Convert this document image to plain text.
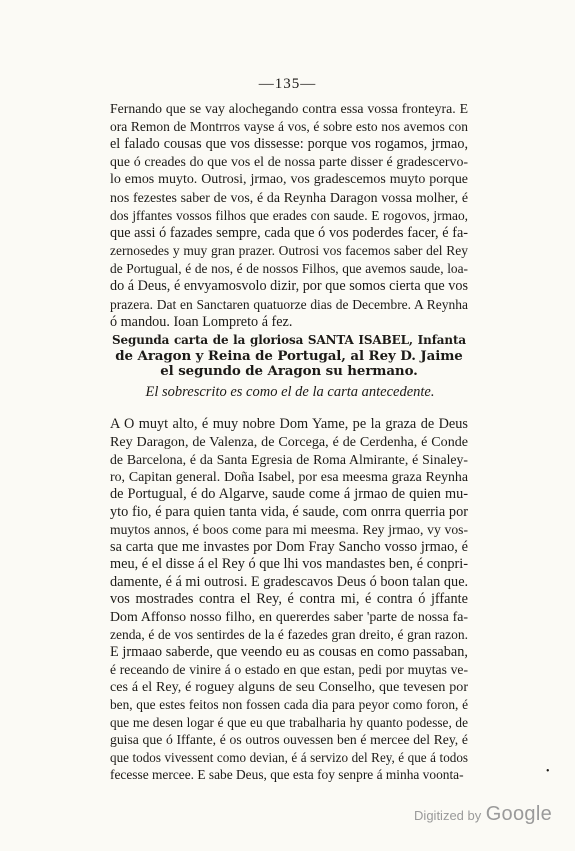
—135—
Fernando que se vay alochegando contra essa vossa fronteyra. E
ora Remon de Montrros vayse á vos, é sobre esto nos avemos con
el falado cousas que vos dissesse: porque vos rogamos, jrmao,
que ó creades do que vos el de nossa parte disser é gradescervo-
lo emos muyto. Outrosi, jrmao, vos gradescemos muyto porque
nos fezestes saber de vos, é da Reynha Daragon vossa molher, é
dos jffantes vossos filhos que erades con saude. E rogovos, jrmao,
que assi ó fazades sempre, cada que ó vos poderdes facer, é fa-
zernosedes y muy gran prazer. Outrosi vos facemos saber del Rey
de Portugual, é de nos, é de nossos Filhos, que avemos saude, loa-
do á Deus, é envyamosvolo dizir, por que somos cierta que vos
prazera. Dat en Sanctaren quatuorze dias de Decembre. A Reynha
ó mandou. Ioan Lompreto á fez.
Segunda carta de la gloriosa SANTA ISABEL, Infanta
de Aragon y Reina de Portugal, al Rey D. Jaime
el segundo de Aragon su hermano.
El sobrescrito es como el de la carta antecedente.
A O muyt alto, é muy nobre Dom Yame, pe la graza de Deus
Rey Daragon, de Valenza, de Corcega, é de Cerdenha, é Conde
de Barcelona, é da Santa Egresia de Roma Almirante, é Sinaley-
ro, Capitan general. Doña Isabel, por esa meesma graza Reynha
de Portugual, é do Algarve, saude come á jrmao de quien mu-
yto fio, é para quien tanta vida, é saude, com onrra querria por
muytos annos, é boos come para mi meesma. Rey jrmao, vy vos-
sa carta que me invastes por Dom Fray Sancho vosso jrmao, é
meu, é el disse á el Rey ó que lhi vos mandastes ben, é conpri-
damente, é á mi outrosi. E gradescavos Deus ó boon talan que.
vos mostrades contra el Rey, é contra mi, é contra ó jffante
Dom Affonso nosso filho, en quererdes saber 'parte de nossa fa-
zenda, é de vos sentirdes de la é fazedes gran dreito, é gran razon.
E jrmaao saberde, que veendo eu as cousas en como passaban,
é receando de vinire á o estado en que estan, pedi por muytas ve-
ces á el Rey, é roguey alguns de seu Conselho, que tevesen por
ben, que estes feitos non fossen cada dia para peyor como foron, é
que me desen logar é que eu que trabalharia hy quanto podesse, de
guisa que ó Iffante, é os outros ouvessen ben é mercee del Rey, é
que todos vivessent como devian, é á servizo del Rey, é que á todos
fecesse mercee. E sabe Deus, que esta foy senpre á minha voonta-	•
Digitized by Google
